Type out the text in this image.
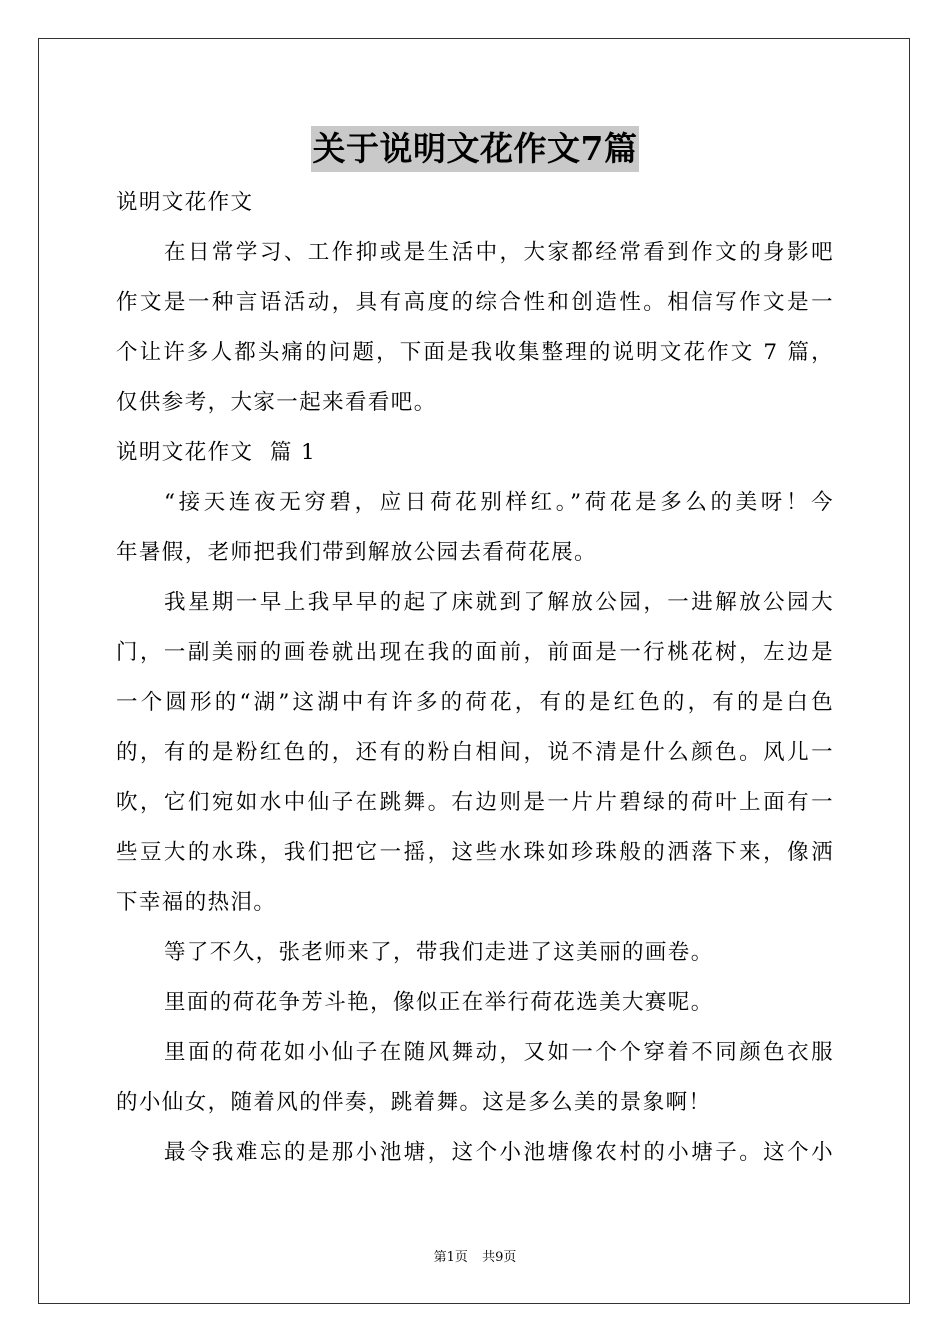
关于说明文花作文7篇
说明文花作文
在日常学习、工作抑或是生活中，大家都经常看到作文的身影吧
作文是一种言语活动，具有高度的综合性和创造性。相信写作文是一
个让许多人都头痛的问题，下面是我收集整理的说明文花作文 7 篇，
仅供参考，大家一起来看看吧。
说明文花作文  篇 1
“接天连夜无穷碧，应日荷花别样红。”荷花是多么的美呀！今
年暑假，老师把我们带到解放公园去看荷花展。
我星期一早上我早早的起了床就到了解放公园，一进解放公园大
门，一副美丽的画卷就出现在我的面前，前面是一行桃花树，左边是
一个圆形的“湖”这湖中有许多的荷花，有的是红色的，有的是白色
的，有的是粉红色的，还有的粉白相间，说不清是什么颜色。风儿一
吹，它们宛如水中仙子在跳舞。右边则是一片片碧绿的荷叶上面有一
些豆大的水珠，我们把它一摇，这些水珠如珍珠般的洒落下来，像洒
下幸福的热泪。
等了不久，张老师来了，带我们走进了这美丽的画卷。
里面的荷花争芳斗艳，像似正在举行荷花选美大赛呢。
里面的荷花如小仙子在随风舞动，又如一个个穿着不同颜色衣服
的小仙女，随着风的伴奏，跳着舞。这是多么美的景象啊！
最令我难忘的是那小池塘，这个小池塘像农村的小塘子。这个小
第1页 共9页
